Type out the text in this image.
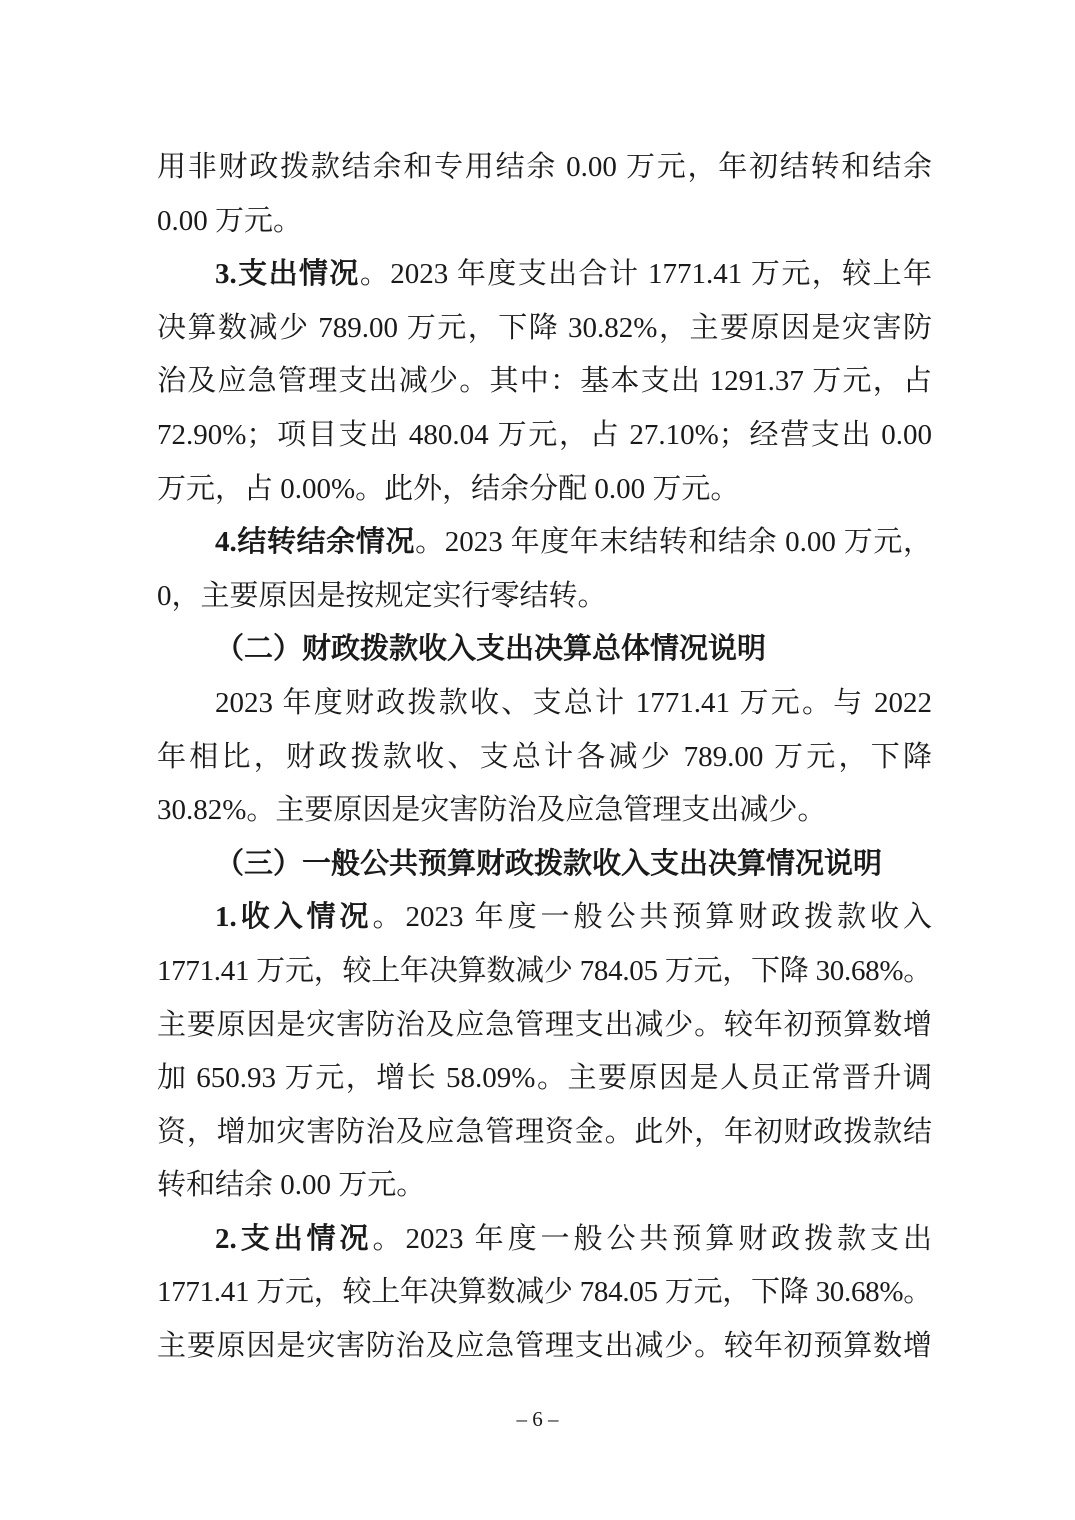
用非财政拨款结余和专用结余 0.00 万元，年初结转和结余
0.00 万元。
3.支出情况。2023 年度支出合计 1771.41 万元，较上年
决算数减少 789.00 万元，下降 30.82%，主要原因是灾害防
治及应急管理支出减少。其中：基本支出 1291.37 万元，占
72.90%；项目支出 480.04 万元，占 27.10%；经营支出 0.00
万元，占 0.00%。此外，结余分配 0.00 万元。
4.结转结余情况。2023 年度年末结转和结余 0.00 万元，
0，主要原因是按规定实行零结转。
（二）财政拨款收入支出决算总体情况说明
2023 年度财政拨款收、支总计 1771.41 万元。与 2022
年相比，财政拨款收、支总计各减少 789.00 万元，下降
30.82%。主要原因是灾害防治及应急管理支出减少。
（三）一般公共预算财政拨款收入支出决算情况说明
1.收入情况。2023 年度一般公共预算财政拨款收入
1771.41 万元，较上年决算数减少 784.05 万元，下降 30.68%。
主要原因是灾害防治及应急管理支出减少。较年初预算数增
加 650.93 万元，增长 58.09%。主要原因是人员正常晋升调
资，增加灾害防治及应急管理资金。此外，年初财政拨款结
转和结余 0.00 万元。
2.支出情况。2023 年度一般公共预算财政拨款支出
1771.41 万元，较上年决算数减少 784.05 万元，下降 30.68%。
主要原因是灾害防治及应急管理支出减少。较年初预算数增
– 6 –
